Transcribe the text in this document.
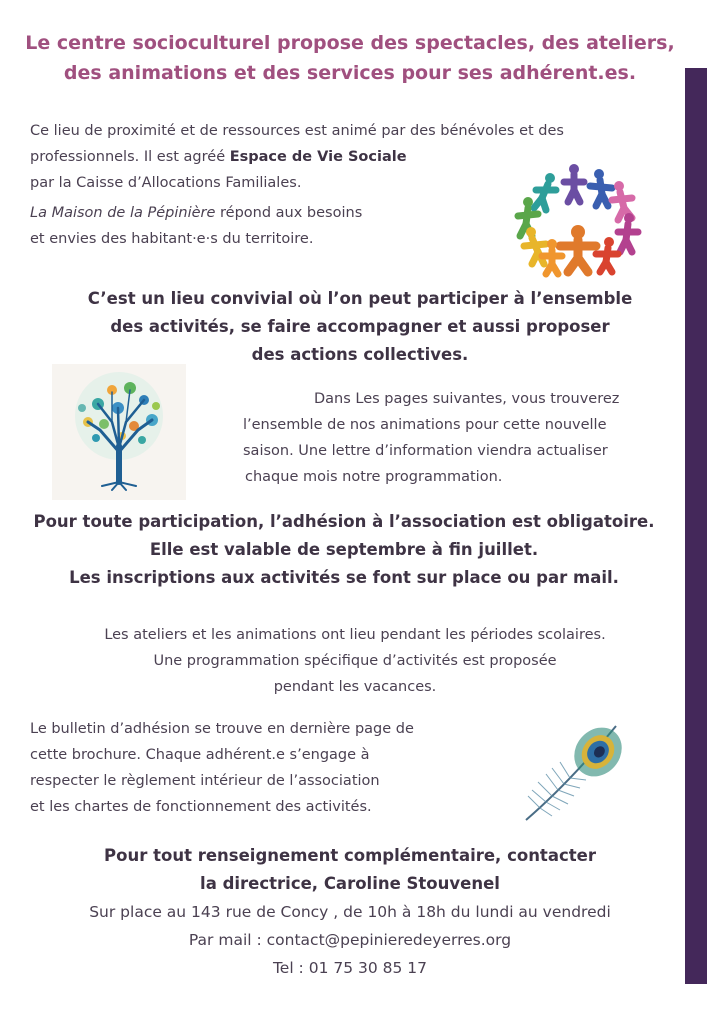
Le centre socioculturel propose des spectacles, des ateliers,
des animations et des services pour ses adhérent.es.

Ce lieu de proximité et de ressources est animé par des bénévoles et des

professionnels. Il est agréé Espace de Vie Sociale

par la Caisse d’Allocations Familiales.

La Maison de la Pépinière répond aux besoins

et envies des habitant·e·s du territoire.

C’est un lieu convivial où l’on peut participer à l’ensemble
des activités, se faire accompagner et aussi proposer
des actions collectives.

Dans Les pages suivantes, vous trouverez

l’ensemble de nos animations pour cette nouvelle

saison. Une lettre d’information viendra actualiser

chaque mois notre programmation.

Pour toute participation, l’adhésion à l’association est obligatoire.
Elle est valable de septembre à fin juillet.
Les inscriptions aux activités se font sur place ou par mail.

Les ateliers et les animations ont lieu pendant les périodes scolaires.

Une programmation spécifique d’activités est proposée

pendant les vacances.

Le bulletin d’adhésion se trouve en dernière page de

cette brochure. Chaque adhérent.e s’engage à

respecter le règlement intérieur de l’association

et les chartes de fonctionnement des activités.

Pour tout renseignement complémentaire, contacter
la directrice, Caroline Stouvenel
Sur place au 143 rue de Concy , de 10h à 18h du lundi au vendredi
Par mail : contact@pepinieredeyerres.org
Tel : 01 75 30 85 17
